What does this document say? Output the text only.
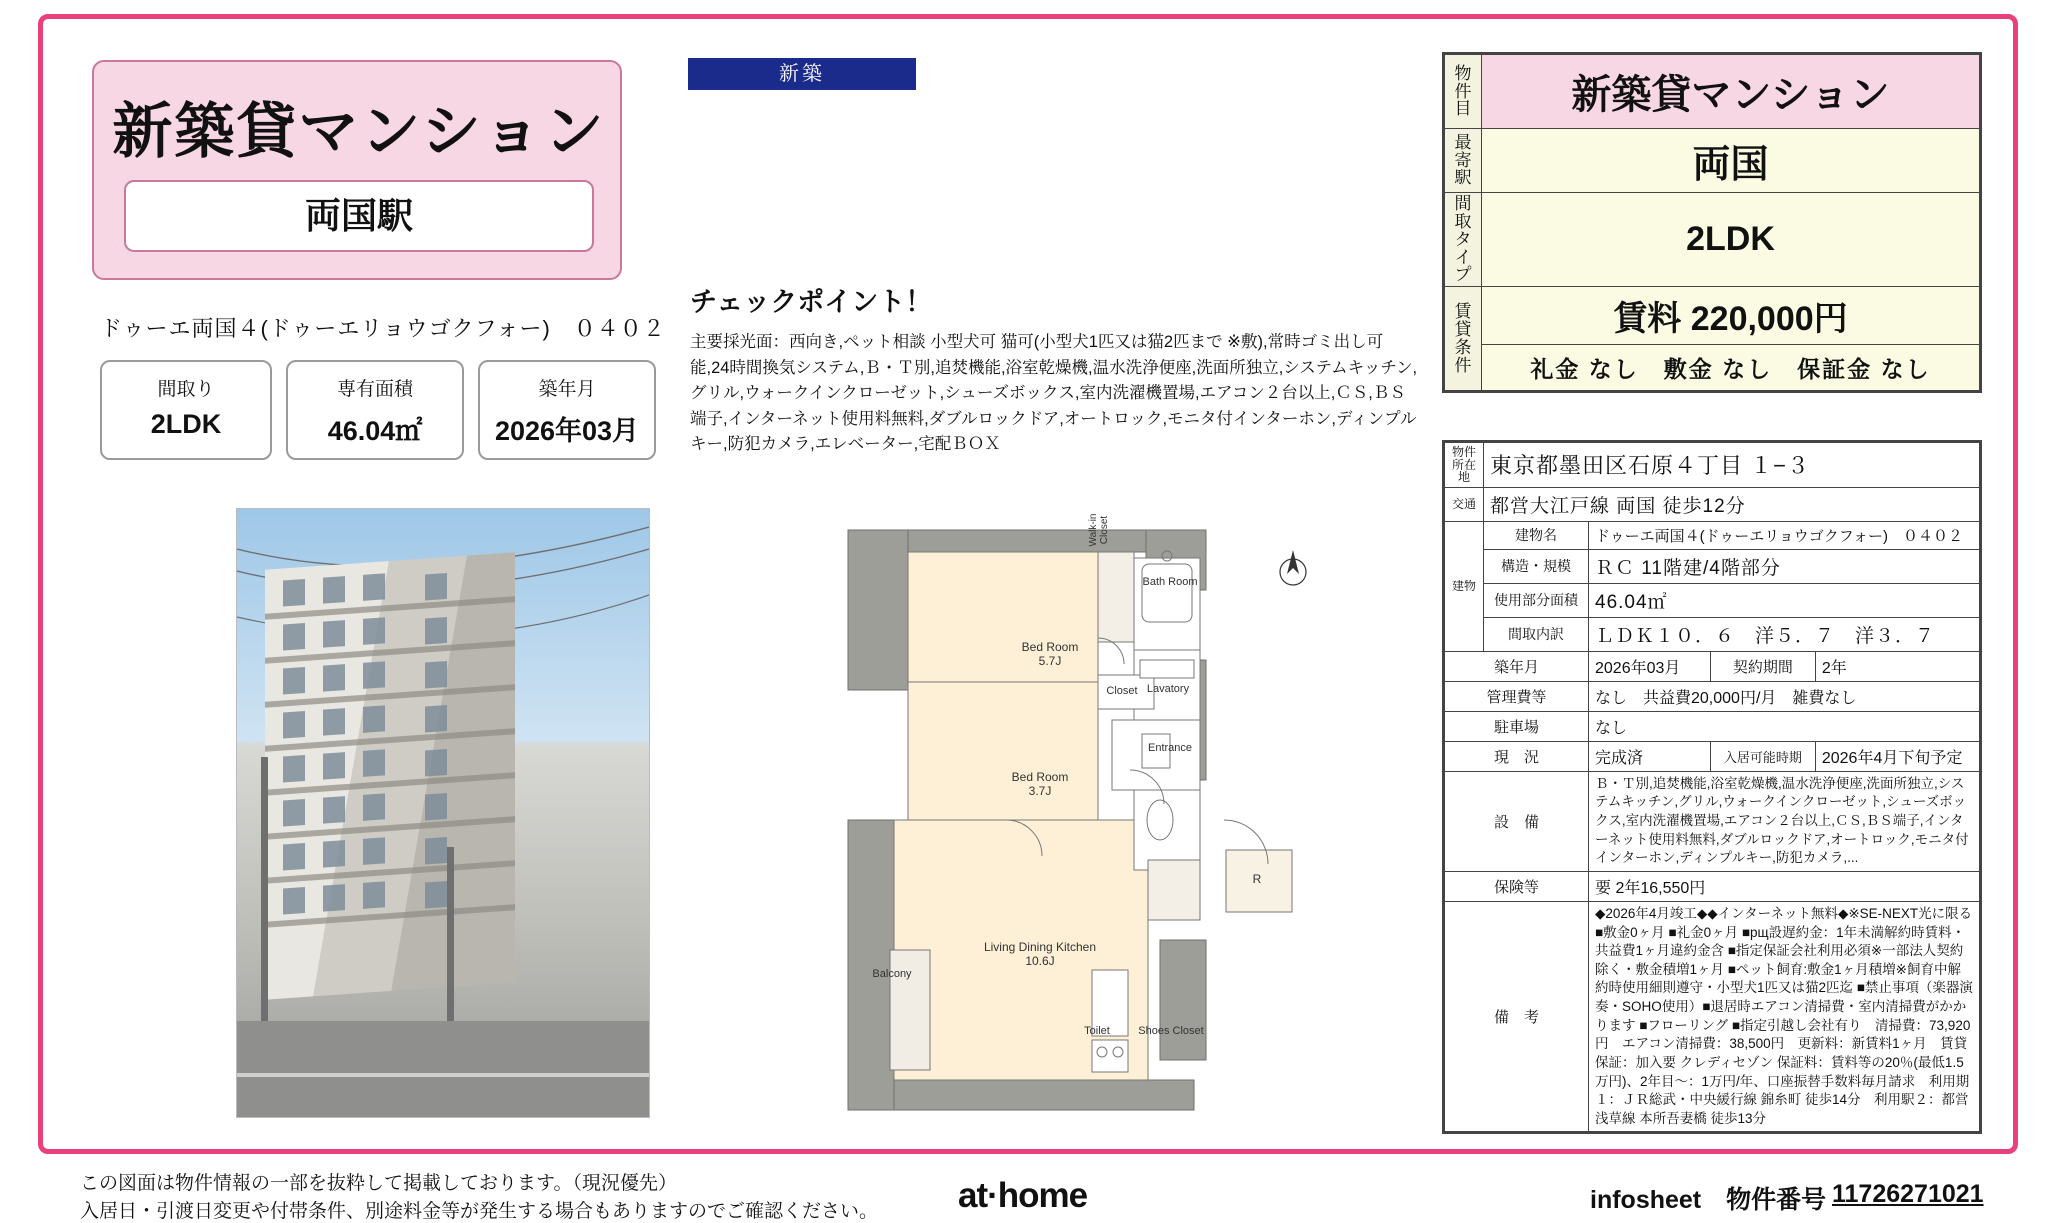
新築貸マンション
両国駅
ドゥーエ両国４(ドゥーエリョウゴクフォー)　０４０２
間取り
2LDK
専有面積
46.04㎡
築年月
2026年03月
新築
チェックポイント！
主要採光面：西向き,ペット相談 小型犬可 猫可(小型犬1匹又は猫2匹まで ※敷),常時ゴミ出し可能,24時間換気システム,Ｂ・Ｔ別,追焚機能,浴室乾燥機,温水洗浄便座,洗面所独立,システムキッチン,グリル,ウォークインクローゼット,シューズボックス,室内洗濯機置場,エアコン２台以上,ＣＳ,ＢＳ端子,インターネット使用料無料,ダブルロックドア,オートロック,モニタ付インターホン,ディンプルキー,防犯カメラ,エレベーター,宅配ＢＯＸ
Bed Room
5.7J
Bed Room
3.7J
Living Dining Kitchen
10.6J
Bath Room
Lavatory
Toilet
Entrance
Shoes Closet
Closet
Walk-in Closet
Balcony
R
物件目	新築貸マンション
最寄駅	両国
間取タイプ	2LDK
賃貸条件	賃料 220,000円
	礼金 なし　敷金 なし　保証金 なし
物件所在地	東京都墨田区石原４丁目 １−３			
交通	都営大江戸線 両国 徒歩12分			
建物	建物名	ドゥーエ両国４(ドゥーエリョウゴクフォー)　０４０２		
	構造・規模	ＲＣ 11階建/4階部分		
	使用部分面積	46.04㎡		
	間取内訳	ＬＤＫ１０．６　洋５．７　洋３．７		
築年月		2026年03月	契約期間	2年
管理費等		なし　共益費20,000円/月　雑費なし		
駐車場		なし		
現　況		完成済	入居可能時期	2026年4月下旬予定
設　備		Ｂ・Ｔ別,追焚機能,浴室乾燥機,温水洗浄便座,洗面所独立,システムキッチン,グリル,ウォークインクローゼット,シューズボックス,室内洗濯機置場,エアコン２台以上,ＣＳ,ＢＳ端子,インターネット使用料無料,ダブルロックドア,オートロック,モニタ付インターホン,ディンプルキー,防犯カメラ,...		
保険等		要 2年16,550円		
備　考		◆2026年4月竣工◆◆インターネット無料◆※SE-NEXT光に限る ■敷金0ヶ月 ■礼金0ヶ月 ■рщ設遅約金：1年未満解約時賃料・共益費1ヶ月違約金含 ■指定保証会社利用必須※一部法人契約除く・敷金積増1ヶ月 ■ペット飼育:敷金1ヶ月積増※飼育中解約時使用細則遵守・小型犬1匹又は猫2匹迄 ■禁止事項（楽器演奏・SOHO使用）■退居時エアコン清掃費・室内清掃費がかかります ■フローリング ■指定引越し会社有り　清掃費：73,920円　エアコン清掃費：38,500円　更新料：新賃料1ヶ月　賃貸保証：加入要 クレディセゾン 保証料：賃料等の20％(最低1.5万円)、2年目～：1万円/年、口座振替手数料毎月請求　利用期１：ＪＲ総武・中央緩行線 錦糸町 徒歩14分　利用駅２：都営浅草線 本所吾妻橋 徒歩13分		
この図面は物件情報の一部を抜粋して掲載しております。（現況優先）
入居日・引渡日変更や付帯条件、別途料金等が発生する場合もありますのでご確認ください。 at·home	infosheet　物件番号 11726271021
